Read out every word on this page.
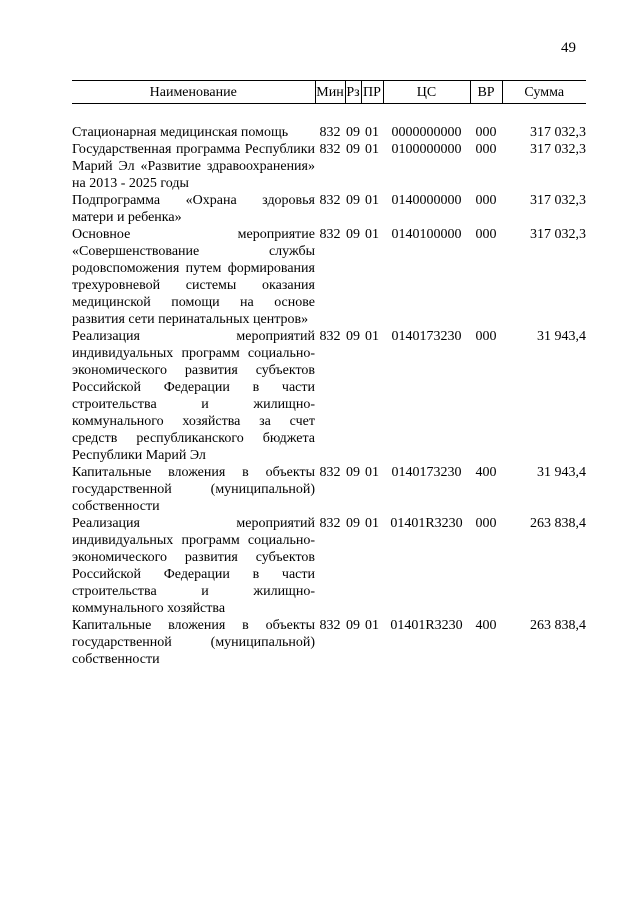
49
Наименование	Мин	Рз	ПР	ЦС	ВР	Сумма

Стационарная медицинская помощь	832	09	01	0000000000	000	317 032,3
Государственная программа Республики Марий Эл «Развитие здравоохранения» на 2013 - 2025 годы	832	09	01	0100000000	000	317 032,3
Подпрограмма «Охрана здоровья матери и ребенка»	832	09	01	0140000000	000	317 032,3
Основное мероприятие «Совершенствование службы родовспоможения путем формирования трехуровневой системы оказания медицинской помощи на основе развития сети перинатальных центров»	832	09	01	0140100000	000	317 032,3
Реализация мероприятий индивидуальных программ социально-экономического развития субъектов Российской Федерации в части строительства и жилищно-коммунального хозяйства за счет средств республиканского бюджета Республики Марий Эл	832	09	01	0140173230	000	31 943,4
Капитальные вложения в объекты государственной (муниципальной) собственности	832	09	01	0140173230	400	31 943,4
Реализация мероприятий индивидуальных программ социально-экономического развития субъектов Российской Федерации в части строительства и жилищно-коммунального хозяйства	832	09	01	01401R3230	000	263 838,4
Капитальные вложения в объекты государственной (муниципальной) собственности	832	09	01	01401R3230	400	263 838,4
